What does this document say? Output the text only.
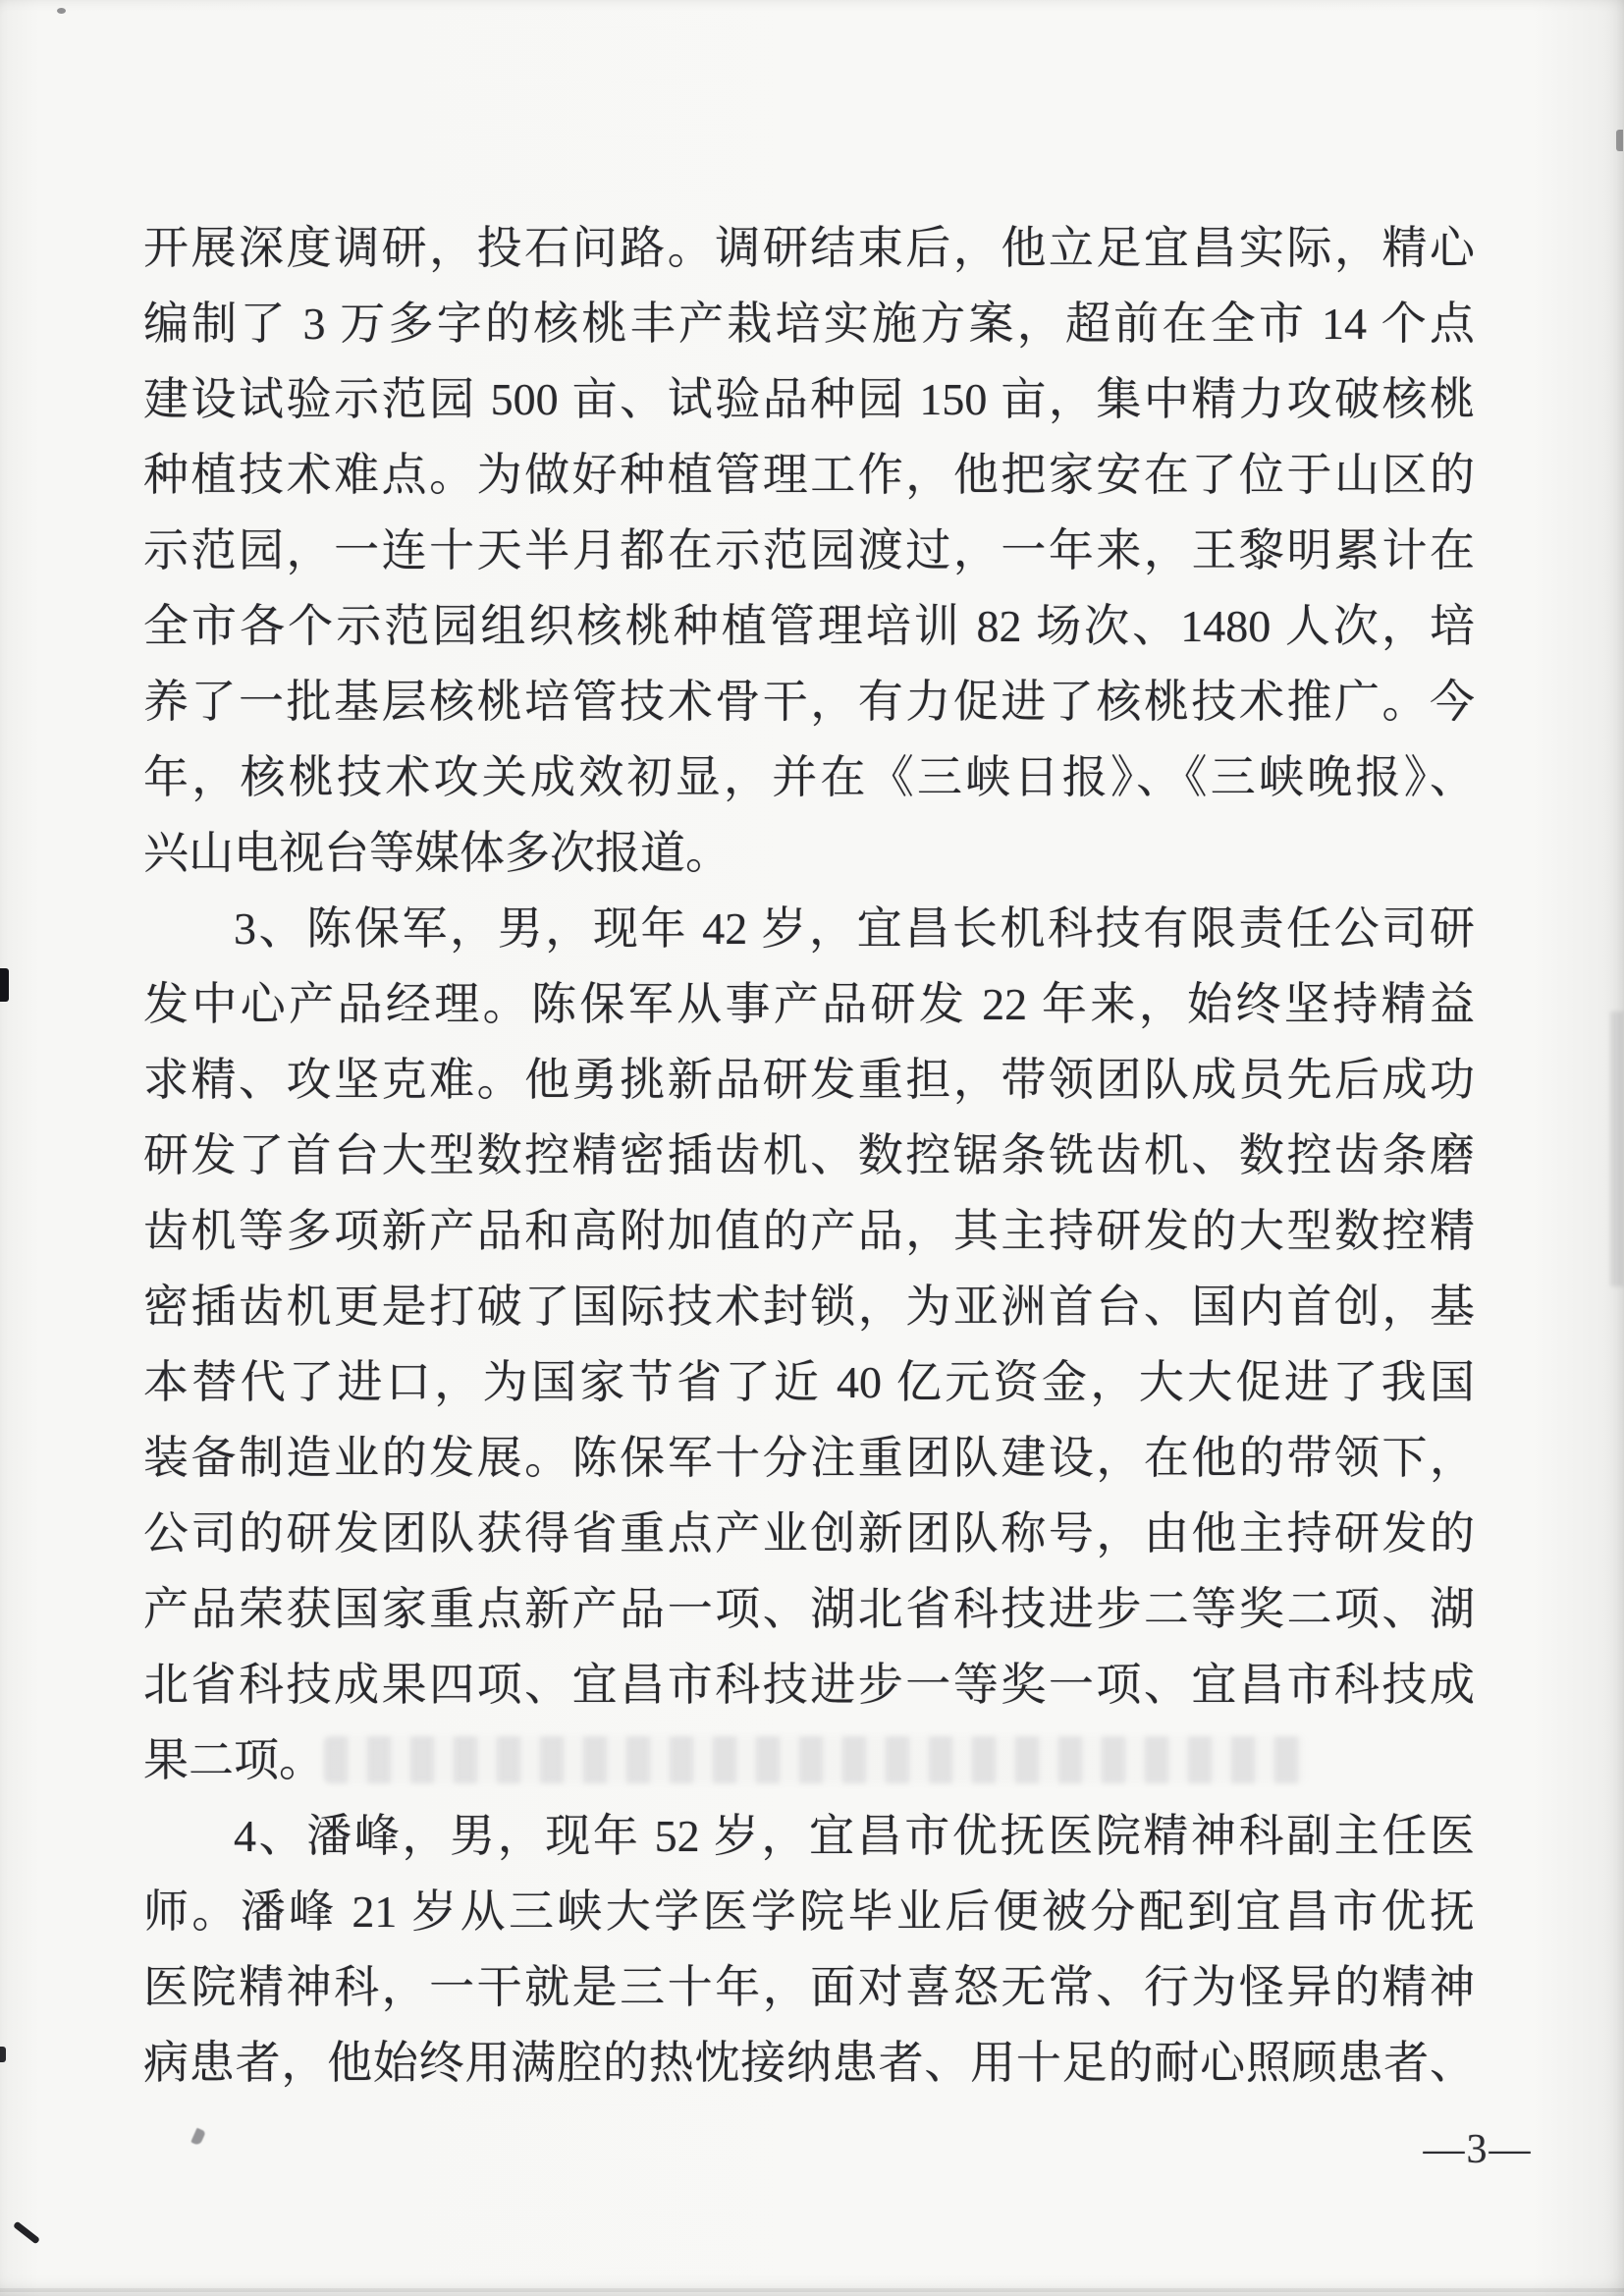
开展深度调研，投石问路。调研结束后，他立足宜昌实际，精心
编制了 3 万多字的核桃丰产栽培实施方案，超前在全市 14 个点
建设试验示范园 500 亩、试验品种园 150 亩，集中精力攻破核桃
种植技术难点。为做好种植管理工作，他把家安在了位于山区的
示范园，一连十天半月都在示范园渡过，一年来，王黎明累计在
全市各个示范园组织核桃种植管理培训 82 场次、1480 人次，培
养了一批基层核桃培管技术骨干，有力促进了核桃技术推广。今
年，核桃技术攻关成效初显，并在《三峡日报》、《三峡晚报》、
兴山电视台等媒体多次报道。
3、陈保军，男，现年 42 岁，宜昌长机科技有限责任公司研
发中心产品经理。陈保军从事产品研发 22 年来，始终坚持精益
求精、攻坚克难。他勇挑新品研发重担，带领团队成员先后成功
研发了首台大型数控精密插齿机、数控锯条铣齿机、数控齿条磨
齿机等多项新产品和高附加值的产品，其主持研发的大型数控精
密插齿机更是打破了国际技术封锁，为亚洲首台、国内首创，基
本替代了进口，为国家节省了近 40 亿元资金，大大促进了我国
装备制造业的发展。陈保军十分注重团队建设，在他的带领下，
公司的研发团队获得省重点产业创新团队称号，由他主持研发的
产品荣获国家重点新产品一项、湖北省科技进步二等奖二项、湖
北省科技成果四项、宜昌市科技进步一等奖一项、宜昌市科技成
果二项。
4、潘峰，男，现年 52 岁，宜昌市优抚医院精神科副主任医
师。潘峰 21 岁从三峡大学医学院毕业后便被分配到宜昌市优抚
医院精神科，一干就是三十年，面对喜怒无常、行为怪异的精神
病患者，他始终用满腔的热忱接纳患者、用十足的耐心照顾患者、
—3—
